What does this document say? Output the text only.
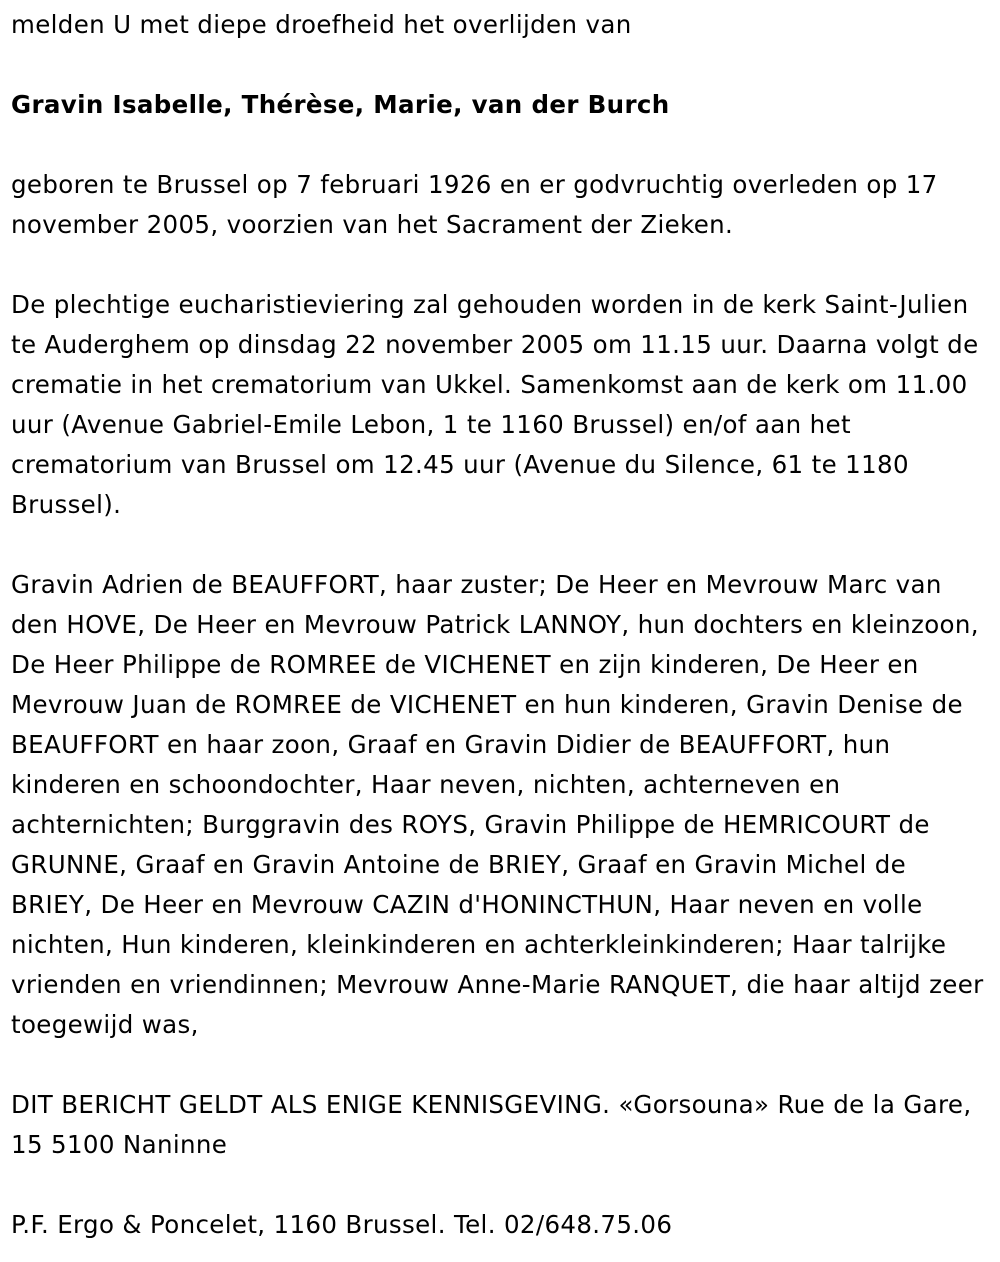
melden U met diepe droefheid het overlijden van

Gravin Isabelle, Thérèse, Marie, van der Burch

geboren te Brussel op 7 februari 1926 en er godvruchtig overleden op 17 november 2005, voorzien van het Sacrament der Zieken.

De plechtige eucharistieviering zal gehouden worden in de kerk Saint-Julien te Auderghem op dinsdag 22 november 2005 om 11.15 uur. Daarna volgt de crematie in het crematorium van Ukkel. Samenkomst aan de kerk om 11.00 uur (Avenue Gabriel-Emile Lebon, 1 te 1160 Brussel) en/of aan het crematorium van Brussel om 12.45 uur (Avenue du Silence, 61 te 1180 Brussel).

Gravin Adrien de BEAUFFORT, haar zuster; De Heer en Mevrouw Marc van den HOVE, De Heer en Mevrouw Patrick LANNOY, hun dochters en kleinzoon, De Heer Philippe de ROMREE de VICHENET en zijn kinderen, De Heer en Mevrouw Juan de ROMREE de VICHENET en hun kinderen, Gravin Denise de BEAUFFORT en haar zoon, Graaf en Gravin Didier de BEAUFFORT, hun kinderen en schoondochter, Haar neven, nichten, achterneven en achternichten; Burggravin des ROYS, Gravin Philippe de HEMRICOURT de GRUNNE, Graaf en Gravin Antoine de BRIEY, Graaf en Gravin Michel de BRIEY, De Heer en Mevrouw CAZIN d'HONINCTHUN, Haar neven en volle nichten, Hun kinderen, kleinkinderen en achterkleinkinderen; Haar talrijke vrienden en vriendinnen; Mevrouw Anne-Marie RANQUET, die haar altijd zeer toegewijd was,

DIT BERICHT GELDT ALS ENIGE KENNISGEVING. «Gorsouna» Rue de la Gare, 15 5100 Naninne

P.F. Ergo & Poncelet, 1160 Brussel. Tel. 02/648.75.06
